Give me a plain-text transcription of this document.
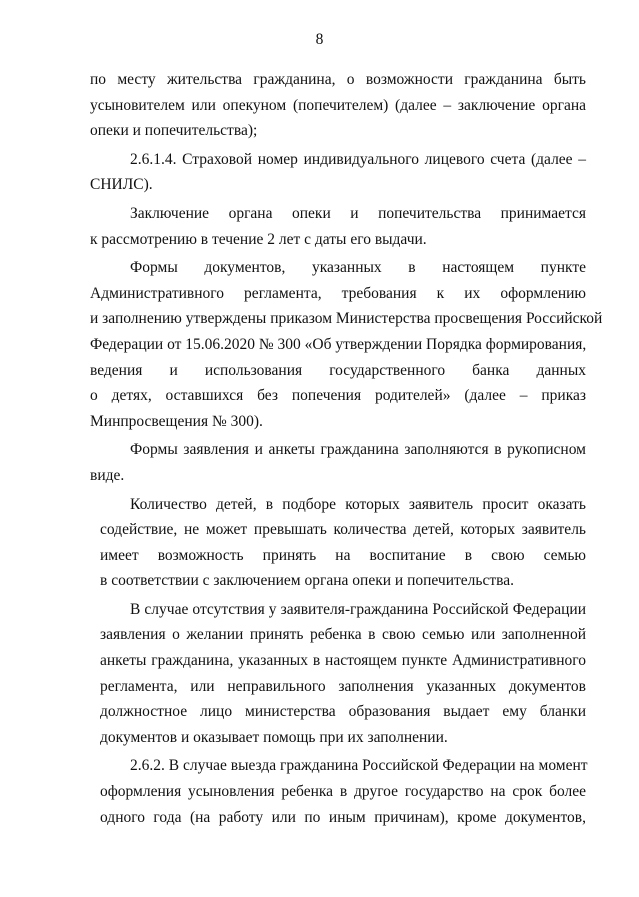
8
по месту жительства гражданина, о возможности гражданина быть
усыновителем или опекуном (попечителем) (далее – заключение органа
опеки и попечительства);
2.6.1.4. Страховой номер индивидуального лицевого счета (далее –
СНИЛС).
Заключение органа опеки и попечительства принимается
к рассмотрению в течение 2 лет с даты его выдачи.
Формы документов, указанных в настоящем пункте
Административного регламента, требования к их оформлению
и заполнению утверждены приказом Министерства просвещения Российской
Федерации от 15.06.2020 № 300 «Об утверждении Порядка формирования,
ведения и использования государственного банка данных
о детях, оставшихся без попечения родителей» (далее – приказ
Минпросвещения № 300).
Формы заявления и анкеты гражданина заполняются в рукописном
виде.
Количество детей, в подборе которых заявитель просит оказать
содействие, не может превышать количества детей, которых заявитель
имеет возможность принять на воспитание в свою семью
в соответствии с заключением органа опеки и попечительства.
В случае отсутствия у заявителя-гражданина Российской Федерации
заявления о желании принять ребенка в свою семью или заполненной
анкеты гражданина, указанных в настоящем пункте Административного
регламента, или неправильного заполнения указанных документов
должностное лицо министерства образования выдает ему бланки
документов и оказывает помощь при их заполнении.
2.6.2. В случае выезда гражданина Российской Федерации на момент
оформления усыновления ребенка в другое государство на срок более
одного года (на работу или по иным причинам), кроме документов,
